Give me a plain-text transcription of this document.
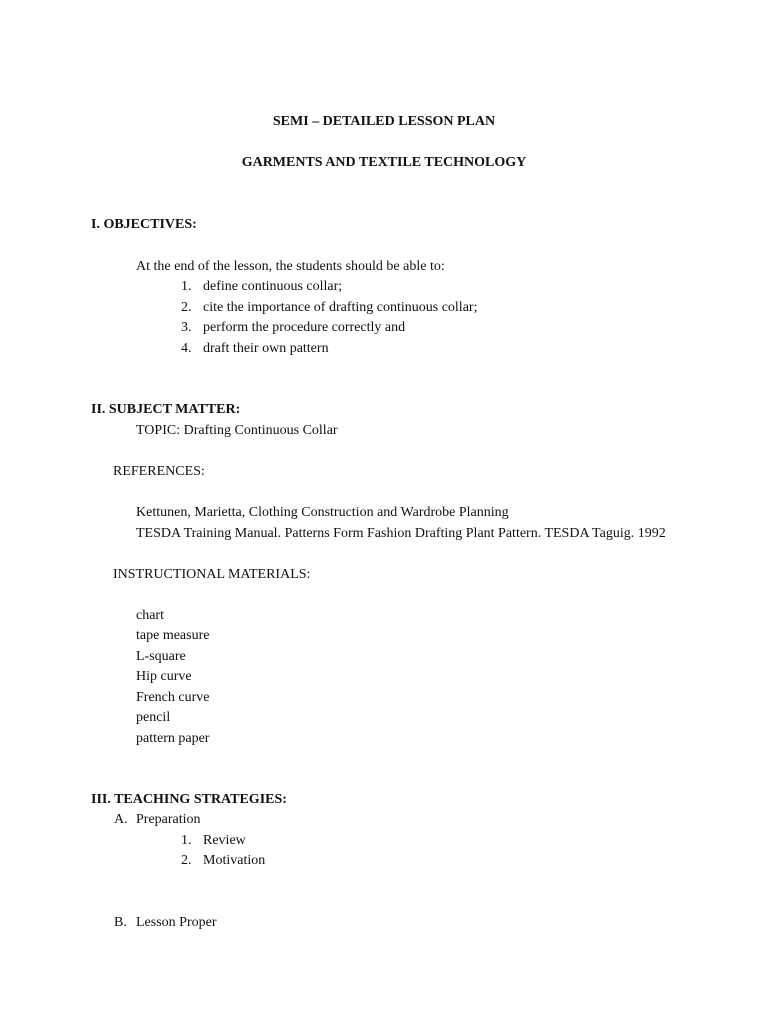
SEMI – DETAILED LESSON PLAN
GARMENTS AND TEXTILE TECHNOLOGY
I. OBJECTIVES:
At the end of the lesson, the students should be able to:
1. define continuous collar;
2. cite the importance of drafting continuous collar;
3. perform the procedure correctly and
4. draft their own pattern
II. SUBJECT MATTER:
TOPIC: Drafting Continuous Collar
REFERENCES:
Kettunen, Marietta, Clothing Construction and Wardrobe Planning
TESDA Training Manual. Patterns Form Fashion Drafting Plant Pattern. TESDA Taguig. 1992
INSTRUCTIONAL MATERIALS:
chart
tape measure
L-square
Hip curve
French curve
pencil
pattern paper
III. TEACHING STRATEGIES:
A. Preparation
1. Review
2. Motivation
B. Lesson Proper
